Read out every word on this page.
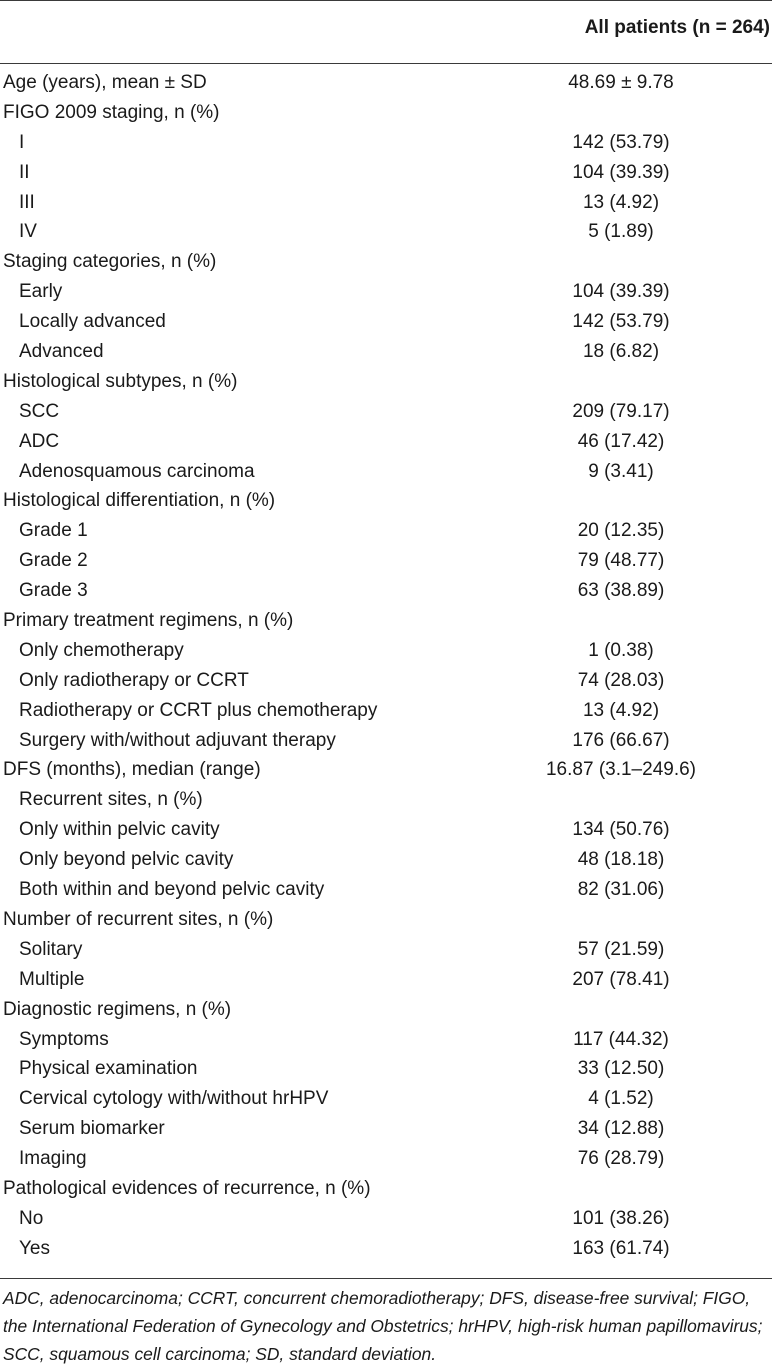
All patients (n = 264)
Age (years), mean ± SD	48.69 ± 9.78
FIGO 2009 staging, n (%)
I	142 (53.79)
II	104 (39.39)
III	13 (4.92)
IV	5 (1.89)
Staging categories, n (%)
Early	104 (39.39)
Locally advanced	142 (53.79)
Advanced	18 (6.82)
Histological subtypes, n (%)
SCC	209 (79.17)
ADC	46 (17.42)
Adenosquamous carcinoma	9 (3.41)
Histological differentiation, n (%)
Grade 1	20 (12.35)
Grade 2	79 (48.77)
Grade 3	63 (38.89)
Primary treatment regimens, n (%)
Only chemotherapy	1 (0.38)
Only radiotherapy or CCRT	74 (28.03)
Radiotherapy or CCRT plus chemotherapy	13 (4.92)
Surgery with/without adjuvant therapy	176 (66.67)
DFS (months), median (range)	16.87 (3.1–249.6)
Recurrent sites, n (%)
Only within pelvic cavity	134 (50.76)
Only beyond pelvic cavity	48 (18.18)
Both within and beyond pelvic cavity	82 (31.06)
Number of recurrent sites, n (%)
Solitary	57 (21.59)
Multiple	207 (78.41)
Diagnostic regimens, n (%)
Symptoms	117 (44.32)
Physical examination	33 (12.50)
Cervical cytology with/without hrHPV	4 (1.52)
Serum biomarker	34 (12.88)
Imaging	76 (28.79)
Pathological evidences of recurrence, n (%)
No	101 (38.26)
Yes	163 (61.74)
ADC, adenocarcinoma; CCRT, concurrent chemoradiotherapy; DFS, disease-free survival; FIGO, the International Federation of Gynecology and Obstetrics; hrHPV, high-risk human papillomavirus; SCC, squamous cell carcinoma; SD, standard deviation.
